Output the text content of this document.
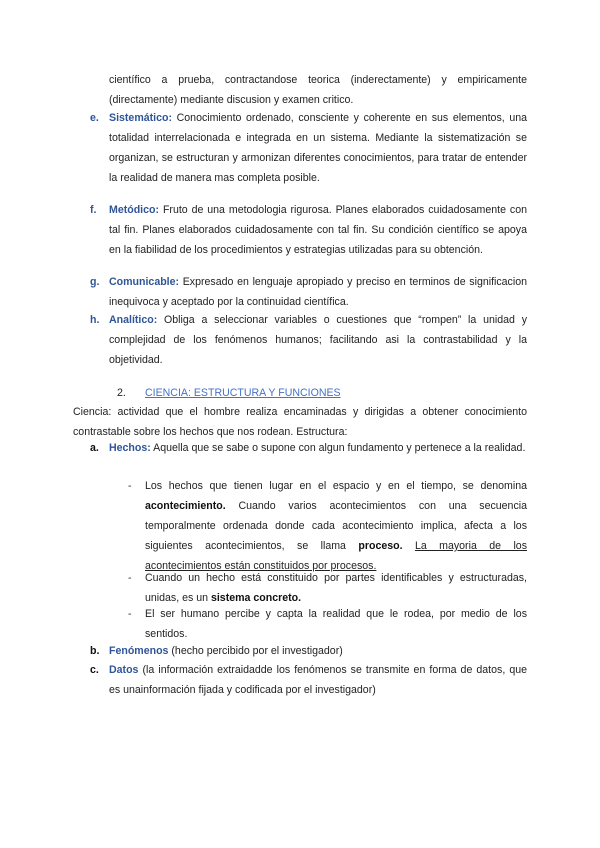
científico a prueba, contractandose teorica (inderectamente) y empiricamente (directamente) mediante discusion y examen critico.

e. Sistemático: Conocimiento ordenado, consciente y coherente en sus elementos, una totalidad interrelacionada e integrada en un sistema. Mediante la sistematización se organizan, se estructuran y armonizan diferentes conocimientos, para tratar de entender la realidad de manera mas completa posible.

f. Metódico: Fruto de una metodologia rigurosa. Planes elaborados cuidadosamente con tal fin. Planes elaborados cuidadosamente con tal fin. Su condición científico se apoya en la fiabilidad de los procedimientos y estrategias utilizadas para su obtención.

g. Comunicable: Expresado en lenguaje apropiado y preciso en terminos de significacion inequivoca y aceptado por la continuidad científica.

h. Analítico: Obliga a seleccionar variables o cuestiones que “rompen” la unidad y complejidad de los fenómenos humanos; facilitando asi la contrastabilidad y la objetividad.

2. CIENCIA: ESTRUCTURA Y FUNCIONES

Ciencia: actividad que el hombre realiza encaminadas y dirigidas a obtener conocimiento contrastable sobre los hechos que nos rodean. Estructura:

a. Hechos: Aquella que se sabe o supone con algun fundamento y pertenece a la realidad.

- Los hechos que tienen lugar en el espacio y en el tiempo, se denomina acontecimiento. Cuando varios acontecimientos con una secuencia temporalmente ordenada donde cada acontecimiento implica, afecta a los siguientes acontecimientos, se llama proceso. La mayoria de los acontecimientos están constituidos por procesos.

- Cuando un hecho está constituido por partes identificables y estructuradas, unidas, es un sistema concreto.

- El ser humano percibe y capta la realidad que le rodea, por medio de los sentidos.

b. Fenómenos (hecho percibido por el investigador)

c. Datos (la información extraidadde los fenómenos se transmite en forma de datos, que es unainformación fijada y codificada por el investigador)
